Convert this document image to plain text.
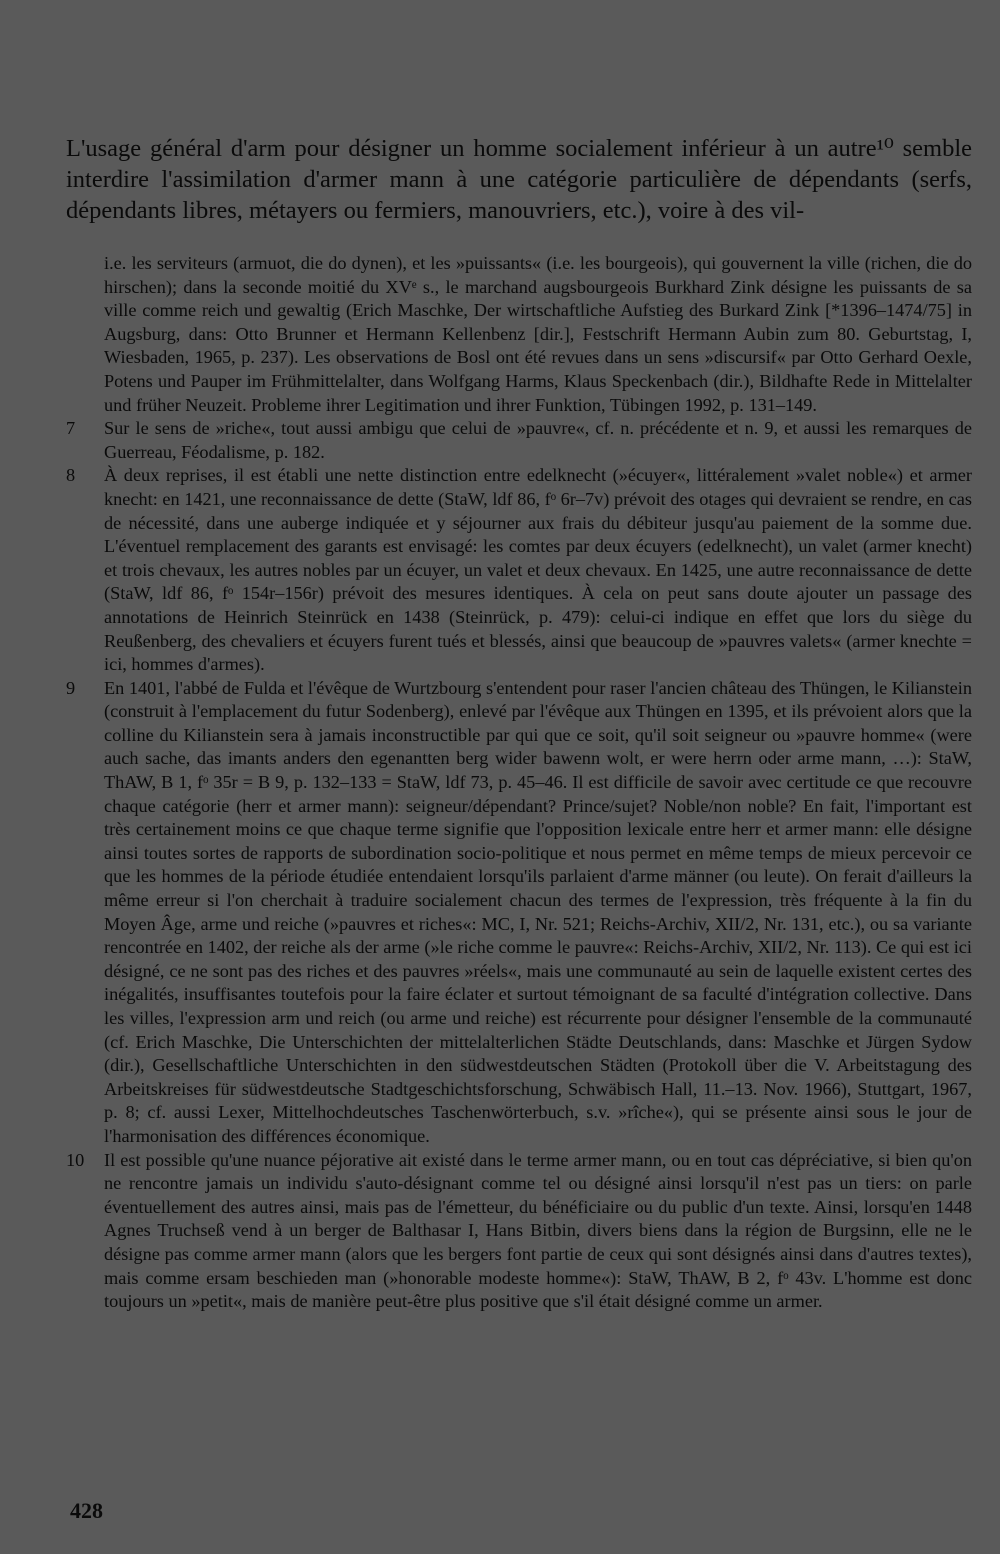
L'usage général d'arm pour désigner un homme socialement inférieur à un autre¹⁰ semble interdire l'assimilation d'armer mann à une catégorie particulière de dépendants (serfs, dépendants libres, métayers ou fermiers, manouvriers, etc.), voire à des vil-

i.e. les serviteurs (armuot, die do dynen), et les »puissants« (i.e. les bourgeois), qui gouvernent la ville (richen, die do hirschen); dans la seconde moitié du XVᵉ s., le marchand augsbourgeois Burkhard Zink désigne les puissants de sa ville comme reich und gewaltig (Erich Maschke, Der wirtschaftliche Aufstieg des Burkard Zink [*1396–1474/75] in Augsburg, dans: Otto Brunner et Hermann Kellenbenz [dir.], Festschrift Hermann Aubin zum 80. Geburtstag, I, Wiesbaden, 1965, p. 237). Les observations de Bosl ont été revues dans un sens »discursif« par Otto Gerhard Oexle, Potens und Pauper im Frühmittelalter, dans Wolfgang Harms, Klaus Speckenbach (dir.), Bildhafte Rede in Mittelalter und früher Neuzeit. Probleme ihrer Legitimation und ihrer Funktion, Tübingen 1992, p. 131–149.
7 Sur le sens de »riche«, tout aussi ambigu que celui de »pauvre«, cf. n. précédente et n. 9, et aussi les remarques de Guerreau, Féodalisme, p. 182.
8 À deux reprises, il est établi une nette distinction entre edelknecht (»écuyer«, littéralement »valet noble«) et armer knecht: en 1421, une reconnaissance de dette (StaW, ldf 86, fᵒ 6r–7v) prévoit des otages qui devraient se rendre, en cas de nécessité, dans une auberge indiquée et y séjourner aux frais du débiteur jusqu'au paiement de la somme due. L'éventuel remplacement des garants est envisagé: les comtes par deux écuyers (edelknecht), un valet (armer knecht) et trois chevaux, les autres nobles par un écuyer, un valet et deux chevaux. En 1425, une autre reconnaissance de dette (StaW, ldf 86, fᵒ 154r–156r) prévoit des mesures identiques. À cela on peut sans doute ajouter un passage des annotations de Heinrich Steinrück en 1438 (Steinrück, p. 479): celui-ci indique en effet que lors du siège du Reußenberg, des chevaliers et écuyers furent tués et blessés, ainsi que beaucoup de »pauvres valets« (armer knechte = ici, hommes d'armes).
9 En 1401, l'abbé de Fulda et l'évêque de Wurtzbourg s'entendent pour raser l'ancien château des Thüngen, le Kilianstein (construit à l'emplacement du futur Sodenberg), enlevé par l'évêque aux Thüngen en 1395, et ils prévoient alors que la colline du Kilianstein sera à jamais inconstructible par qui que ce soit, qu'il soit seigneur ou »pauvre homme« (were auch sache, das imants anders den egenantten berg wider bawenn wolt, er were herrn oder arme mann, …): StaW, ThAW, B 1, fᵒ 35r = B 9, p. 132–133 = StaW, ldf 73, p. 45–46. Il est difficile de savoir avec certitude ce que recouvre chaque catégorie (herr et armer mann): seigneur/dépendant? Prince/sujet? Noble/non noble? En fait, l'important est très certainement moins ce que chaque terme signifie que l'opposition lexicale entre herr et armer mann: elle désigne ainsi toutes sortes de rapports de subordination socio-politique et nous permet en même temps de mieux percevoir ce que les hommes de la période étudiée entendaient lorsqu'ils parlaient d'arme männer (ou leute). On ferait d'ailleurs la même erreur si l'on cherchait à traduire socialement chacun des termes de l'expression, très fréquente à la fin du Moyen Âge, arme und reiche (»pauvres et riches«: MC, I, Nr. 521; Reichs-Archiv, XII/2, Nr. 131, etc.), ou sa variante rencontrée en 1402, der reiche als der arme (»le riche comme le pauvre«: Reichs-Archiv, XII/2, Nr. 113). Ce qui est ici désigné, ce ne sont pas des riches et des pauvres »réels«, mais une communauté au sein de laquelle existent certes des inégalités, insuffisantes toutefois pour la faire éclater et surtout témoignant de sa faculté d'intégration collective. Dans les villes, l'expression arm und reich (ou arme und reiche) est récurrente pour désigner l'ensemble de la communauté (cf. Erich Maschke, Die Unterschichten der mittelalterlichen Städte Deutschlands, dans: Maschke et Jürgen Sydow (dir.), Gesellschaftliche Unterschichten in den südwestdeutschen Städten (Protokoll über die V. Arbeitstagung des Arbeitskreises für südwestdeutsche Stadtgeschichtsforschung, Schwäbisch Hall, 11.–13. Nov. 1966), Stuttgart, 1967, p. 8; cf. aussi Lexer, Mittelhochdeutsches Taschenwörterbuch, s.v. »rîche«), qui se présente ainsi sous le jour de l'harmonisation des différences économique.
10 Il est possible qu'une nuance péjorative ait existé dans le terme armer mann, ou en tout cas dépréciative, si bien qu'on ne rencontre jamais un individu s'auto-désignant comme tel ou désigné ainsi lorsqu'il n'est pas un tiers: on parle éventuellement des autres ainsi, mais pas de l'émetteur, du bénéficiaire ou du public d'un texte. Ainsi, lorsqu'en 1448 Agnes Truchseß vend à un berger de Balthasar I, Hans Bitbin, divers biens dans la région de Burgsinn, elle ne le désigne pas comme armer mann (alors que les bergers font partie de ceux qui sont désignés ainsi dans d'autres textes), mais comme ersam beschieden man (»honorable modeste homme«): StaW, ThAW, B 2, fᵒ 43v. L'homme est donc toujours un »petit«, mais de manière peut-être plus positive que s'il était désigné comme un armer.
428
